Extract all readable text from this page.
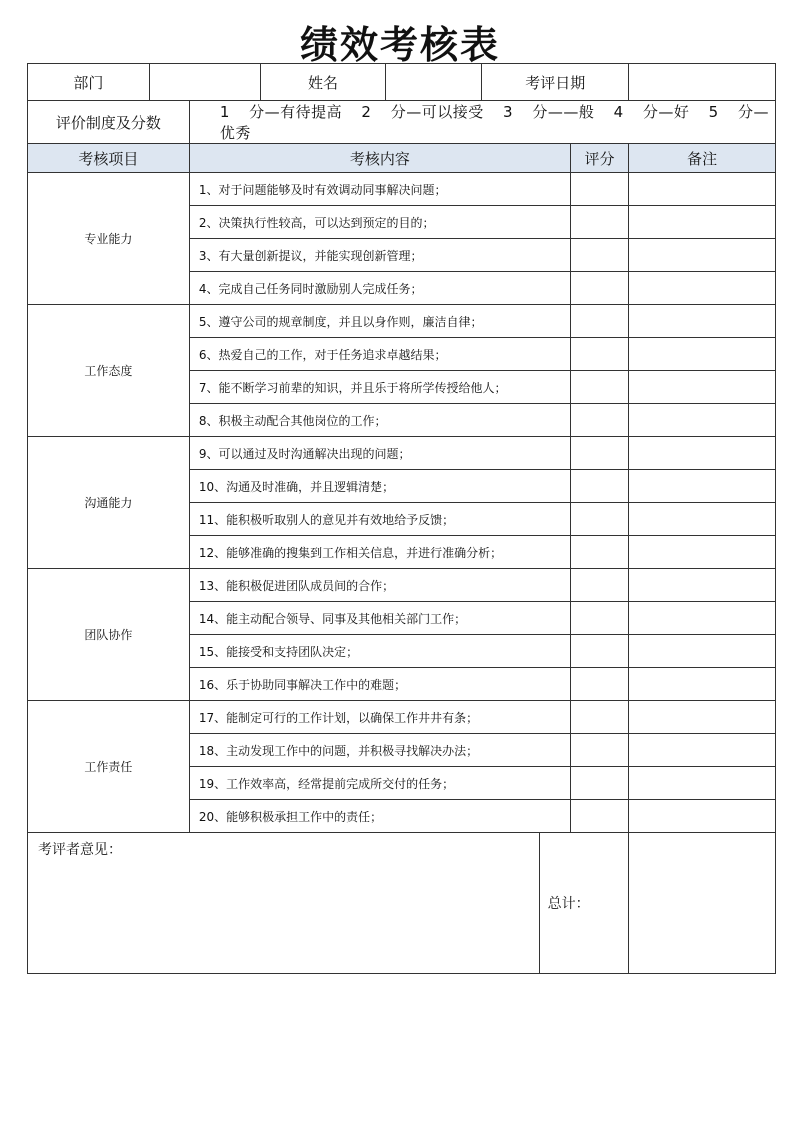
绩效考核表
部门			姓名		考评日期			
评价制度及分数		1 分—有待提高 2 分—可以接受 3 分——般 4 分—好 5 分—优秀						
考核项目		考核内容					评分	备注
专业能力		1、对于问题能够及时有效调动同事解决问题；						
		2、决策执行性较高，可以达到预定的目的；						
		3、有大量创新提议，并能实现创新管理；						
		4、完成自己任务同时激励别人完成任务；						
工作态度		5、遵守公司的规章制度，并且以身作则，廉洁自律；						
		6、热爱自己的工作，对于任务追求卓越结果；						
		7、能不断学习前辈的知识，并且乐于将所学传授给他人；						
		8、积极主动配合其他岗位的工作；						
沟通能力		9、可以通过及时沟通解决出现的问题；						
		10、沟通及时准确，并且逻辑清楚；						
		11、能积极听取别人的意见并有效地给予反馈；						
		12、能够准确的搜集到工作相关信息，并进行准确分析；						
团队协作		13、能积极促进团队成员间的合作；						
		14、能主动配合领导、同事及其他相关部门工作；						
		15、能接受和支持团队决定；						
		16、乐于协助同事解决工作中的难题；						
工作责任		17、能制定可行的工作计划，以确保工作井井有条；						
		18、主动发现工作中的问题，并积极寻找解决办法；						
		19、工作效率高，经常提前完成所交付的任务；						
		20、能够积极承担工作中的责任；						
考评者意见：						总计：		
